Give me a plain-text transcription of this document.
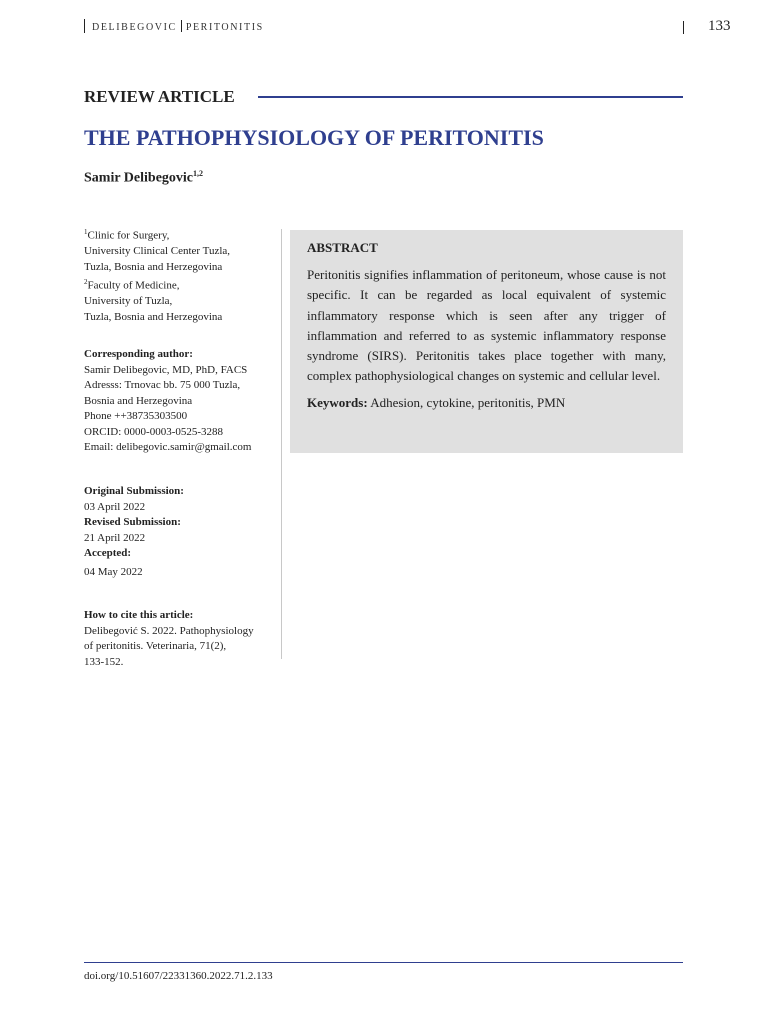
DELIBEGOVIC PERITONITIS	133
REVIEW ARTICLE
THE PATHOPHYSIOLOGY OF PERITONITIS
Samir Delibegovic$^{1,2}$
$^1$Clinic for Surgery,
University Clinical Center Tuzla,
Tuzla, Bosnia and Herzegovina
$^2$Faculty of Medicine,
University of Tuzla,
Tuzla, Bosnia and Herzegovina
Corresponding author:
Samir Delibegovic, MD, PhD, FACS
Adresss: Trnovac bb. 75 000 Tuzla,
Bosnia and Herzegovina
Phone ++38735303500
ORCID: 0000-0003-0525-3288
Email: delibegovic.samir@gmail.com
Original Submission:
03 April 2022
Revised Submission:
21 April 2022
Accepted:
04 May 2022
How to cite this article:
Delibegović S. 2022. Pathophysiology
of peritonitis. Veterinaria, 71(2),
133-152.
ABSTRACT
Peritonitis signifies inflammation of peritoneum, whose cause is not specific. It can be regarded as local equivalent of systemic inflammatory response which is seen after any trigger of inflammation and referred to as systemic inflammatory response syndrome (SIRS). Peritonitis takes place together with many, complex pathophysiological changes on systemic and cellular level.
Keywords: Adhesion, cytokine, peritonitis, PMN
doi.org/10.51607/22331360.2022.71.2.133
